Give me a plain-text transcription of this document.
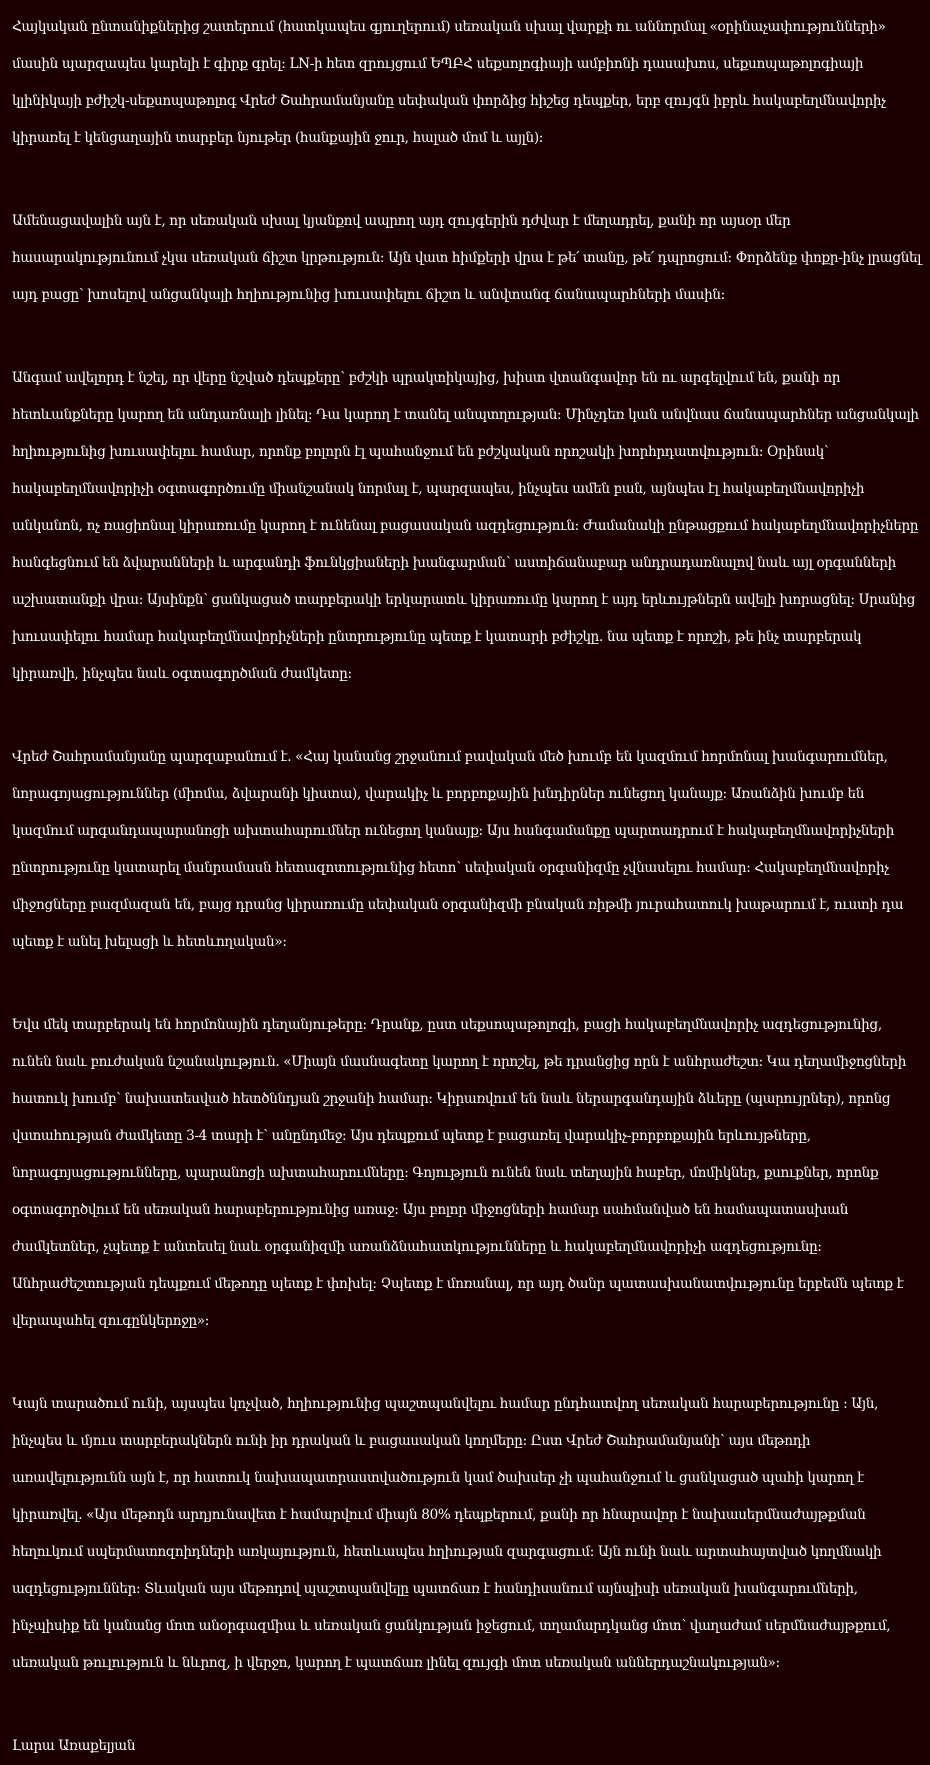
Հայկական ընտանիքներից շատերում (հատկապես գյուղերում) սեռական սխալ վարքի ու աննորմալ «օրինաչափությունների» մասին պարզապես կարելի է գիրք գրել: LN-ի հետ զրույցում ԵՊԲՀ սեքսոլոգիայի ամբիոնի դասախոս, սեքսոպաթոլոգիայի կլինիկայի բժիշկ-սեքսոպաթոլոգ Վրեժ Շահրամանյանը սեփական փորձից հիշեց դեպքեր, երբ զույգն իբրև հակաբեղմնավորիչ կիրառել է կենցաղային տարբեր նյութեր (հանքային ջուր, հալած մոմ և այլն):

Ամենացավալին այն է, որ սեռական սխալ կյանքով ապրող այդ զույգերին դժվար է մեղադրել, քանի որ այսօր մեր հասարակությունում չկա սեռական ճիշտ կրթություն: Այն վատ հիմքերի վրա է թե՛ տանը, թե՛ դպրոցում: Փորձենք փոքր-ինչ լրացնել այդ բացը՝ խոսելով անցանկալի հղիությունից խուսափելու ճիշտ և անվտանգ ճանապարհների մասին:

Անգամ ավելորդ է նշել, որ վերը նշված դեպքերը՝ բժշկի պրակտիկայից, խիստ վտանգավոր են ու արգելվում են, քանի որ հետևանքները կարող են անդառնալի լինել: Դա կարող է տանել անպտղության: Մինչդեռ կան անվնաս ճանապարհներ անցանկալի հղիությունից խուսափելու համար, որոնք բոլորն էլ պահանջում են բժշկական որոշակի խորհրդատվություն: Օրինակ՝ հակաբեղմնավորիչի օգտագործումը միանշանակ նորմալ է, պարզապես, ինչպես ամեն բան, այնպես էլ հակաբեղմնավորիչի անկանոն, ոչ ռացիոնալ կիրառումը կարող է ունենալ բացասական ազդեցություն: Ժամանակի ընթացքում հակաբեղմնավորիչները հանգեցնում են ձվարանների և արգանդի ֆունկցիաների խանգարման՝ աստիճանաբար անդրադառնալով նաև այլ օրգանների աշխատանքի վրա: Այսինքն՝ ցանկացած տարբերակի երկարատև կիրառումը կարող է այդ երևույթներն ավելի խորացնել: Սրանից խուսափելու համար հակաբեղմնավորիչների ընտրությունը պետք է կատարի բժիշկը. նա պետք է որոշի, թե ինչ տարբերակ կիրառվի, ինչպես նաև օգտագործման ժամկետը:

Վրեժ Շահրամանյանը պարզաբանում է. «Հայ կանանց շրջանում բավական մեծ խումբ են կազմում հորմոնալ խանգարումներ, նորագոյացություններ (միոմա, ձվարանի կիստա), վարակիչ և բորբոքային խնդիրներ ունեցող կանայք: Առանձին խումբ են կազմում արգանդապարանոցի ախտահարումներ ունեցող կանայք: Այս հանգամանքը պարտադրում է հակաբեղմնավորիչների ընտրությունը կատարել մանրամասն հետազոտությունից հետո՝ սեփական օրգանիզմը չվնասելու համար: Հակաբեղմնավորիչ միջոցները բազմազան են, բայց դրանց կիրառումը սեփական օրգանիզմի բնական ռիթմի յուրահատուկ խաթարում է, ուստի դա պետք է անել խելացի և հետևողական»:

Եվս մեկ տարբերակ են հորմոնային դեղանյութերը: Դրանք, ըստ սեքսոպաթոլոգի, բացի հակաբեղմնավորիչ ազդեցությունից, ունեն նաև բուժական նշանակություն. «Միայն մասնագետը կարող է որոշել, թե դրանցից որն է անհրաժեշտ: Կա դեղամիջոցների հատուկ խումբ՝ նախատեսված հետծննդյան շրջանի համար: Կիրառվում են նաև ներարգանդային ձևերը (պարույրներ), որոնց վստահության ժամկետը 3-4 տարի է՝ անընդմեջ: Այս դեպքում պետք է բացառել վարակիչ-բորբոքային երևույթները, նորագոյացությունները, պարանոցի ախտահարումները: Գոյություն ունեն նաև տեղային հաբեր, մոմիկներ, քսուքներ, որոնք օգտագործվում են սեռական հարաբերությունից առաջ: Այս բոլոր միջոցների համար սահմանված են համապատասխան ժամկետներ, չպետք է անտեսել նաև օրգանիզմի առանձնահատկությունները և հակաբեղմնավորիչի ազդեցությունը: Անհրաժեշտության դեպքում մեթոդը պետք է փոխել: Չպետք է մոռանալ, որ այդ ծանր պատասխանատվությունը երբեմն պետք է վերապահել զուգընկերոջը»:

Կայն տարածում ունի, այսպես կոչված, հղիությունից պաշտպանվելու համար ընդհատվող սեռական հարաբերությունը : Այն, ինչպես և մյուս տարբերակներն ունի իր դրական և բացասական կողմերը: Ըստ Վրեժ Շահրամանյանի՝ այս մեթոդի առավելությունն այն է, որ հատուկ նախապատրաստվածություն կամ ծախսեր չի պահանջում և ցանկացած պահի կարող է կիրառվել. «Այս մեթոդն արդյունավետ է համարվում միայն 80% դեպքերում, քանի որ հնարավոր է նախասերմնաժայթքման հեղուկում սպերմատոզոիդների առկայություն, հետևապես հղիության զարգացում: Այն ունի նաև արտահայտված կողմնակի ազդեցություններ: Տևական այս մեթոդով պաշտպանվելը պատճառ է հանդիսանում այնպիսի սեռական խանգարումների, ինչպիսիք են կանանց մոտ անօրգազմիա և սեռական ցանկության իջեցում, տղամարդկանց մոտ՝ վաղաժամ սերմնաժայթքում, սեռական թուլություն և նևրոզ, ի վերջո, կարող է պատճառ լինել զույգի մոտ սեռական աններդաշնակության»:

Լարա Առաքելյան
